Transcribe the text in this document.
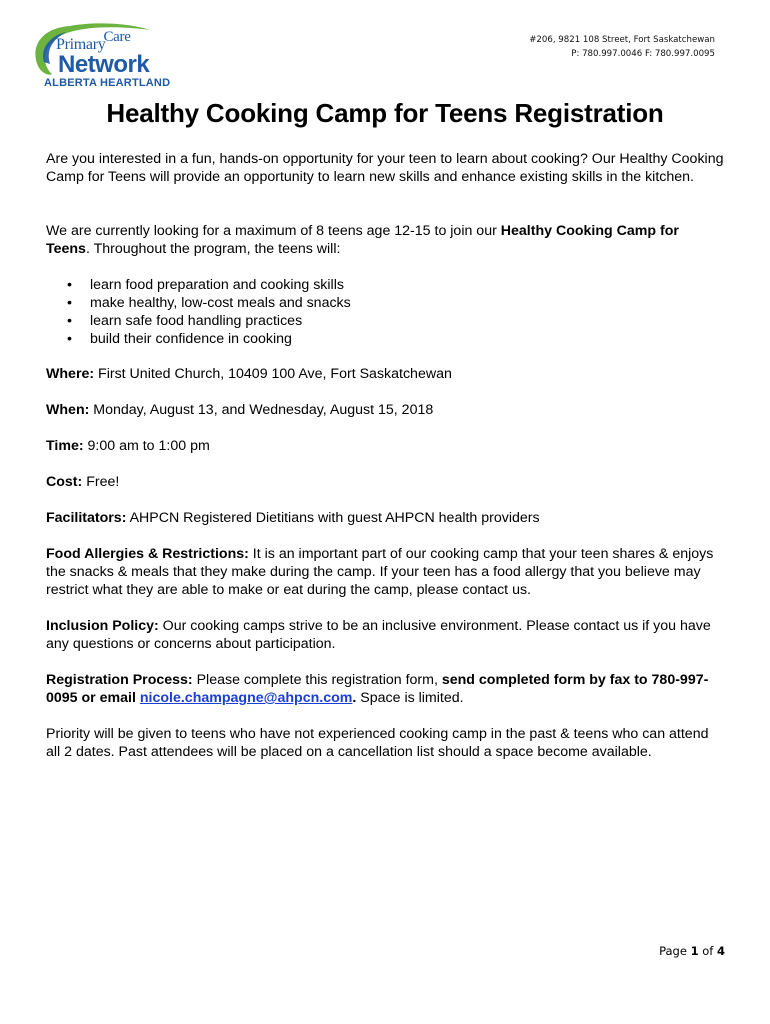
PrimaryCare
Network
ALBERTA HEARTLAND
#206, 9821 108 Street, Fort Saskatchewan
P: 780.997.0046 F: 780.997.0095
Healthy Cooking Camp for Teens Registration

Are you interested in a fun, hands-on opportunity for your teen to learn about cooking? Our Healthy Cooking Camp for Teens will provide an opportunity to learn new skills and enhance existing skills in the kitchen.

We are currently looking for a maximum of 8 teens age 12-15 to join our Healthy Cooking Camp for Teens. Throughout the program, the teens will:

• learn food preparation and cooking skills
• make healthy, low-cost meals and snacks
• learn safe food handling practices
• build their confidence in cooking

Where: First United Church, 10409 100 Ave, Fort Saskatchewan

When: Monday, August 13, and Wednesday, August 15, 2018

Time: 9:00 am to 1:00 pm

Cost: Free!

Facilitators: AHPCN Registered Dietitians with guest AHPCN health providers

Food Allergies & Restrictions: It is an important part of our cooking camp that your teen shares & enjoys the snacks & meals that they make during the camp. If your teen has a food allergy that you believe may restrict what they are able to make or eat during the camp, please contact us.

Inclusion Policy: Our cooking camps strive to be an inclusive environment. Please contact us if you have any questions or concerns about participation.

Registration Process: Please complete this registration form, send completed form by fax to 780-997-0095 or email nicole.champagne@ahpcn.com. Space is limited.

Priority will be given to teens who have not experienced cooking camp in the past & teens who can attend all 2 dates. Past attendees will be placed on a cancellation list should a space become available.

Page 1 of 4
